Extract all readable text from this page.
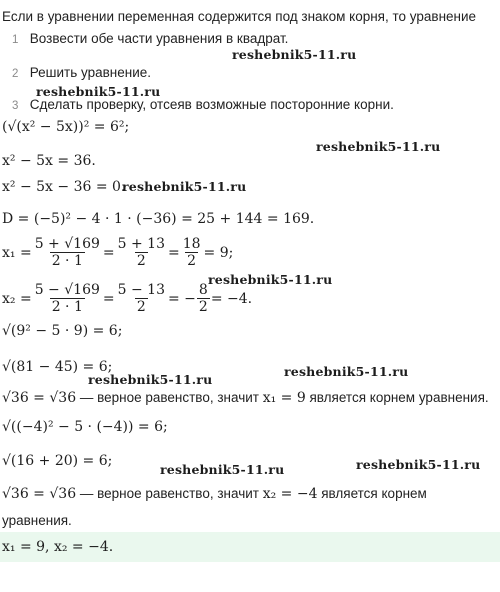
Если в уравнении переменная содержится под знаком корня, то уравнение
1 Возвести обе части уравнения в квадрат.
2 Решить уравнение.
3 Сделать проверку, отсеяв возможные посторонние корни.
(√(x² − 5x))² = 6²;
x² − 5x = 36.
x² − 5x − 36 = 0.
D = (−5)² − 4 · 1 · (−36) = 25 + 144 = 169.
$x_1 = \frac{5 + √169}{2 \cdot 1} = \frac{5 + 13}{2} = \frac{18}{2} = 9$;
$x_2 = \frac{5 - √169}{2 \cdot 1} = \frac{5 - 13}{2}$ = − $\frac{8}{2} = -4$.
√(9² − 5 · 9) = 6;
√(81 − 45) = 6;
√36 = √36 — верное равенство, значит x₁ = 9 является корнем уравнения.
√((−4)² − 5 · (−4)) = 6;
√(16 + 20) = 6;
√36 = √36 — верное равенство, значит x₂ = −4 является корнем
уравнения.
x₁ = 9, x₂ = −4.
reshebnik5-11.ru
reshebnik5-11.ru
reshebnik5-11.ru
reshebnik5-11.ru
reshebnik5-11.ru
reshebnik5-11.ru
reshebnik5-11.ru
reshebnik5-11.ru
reshebnik5-11.ru
